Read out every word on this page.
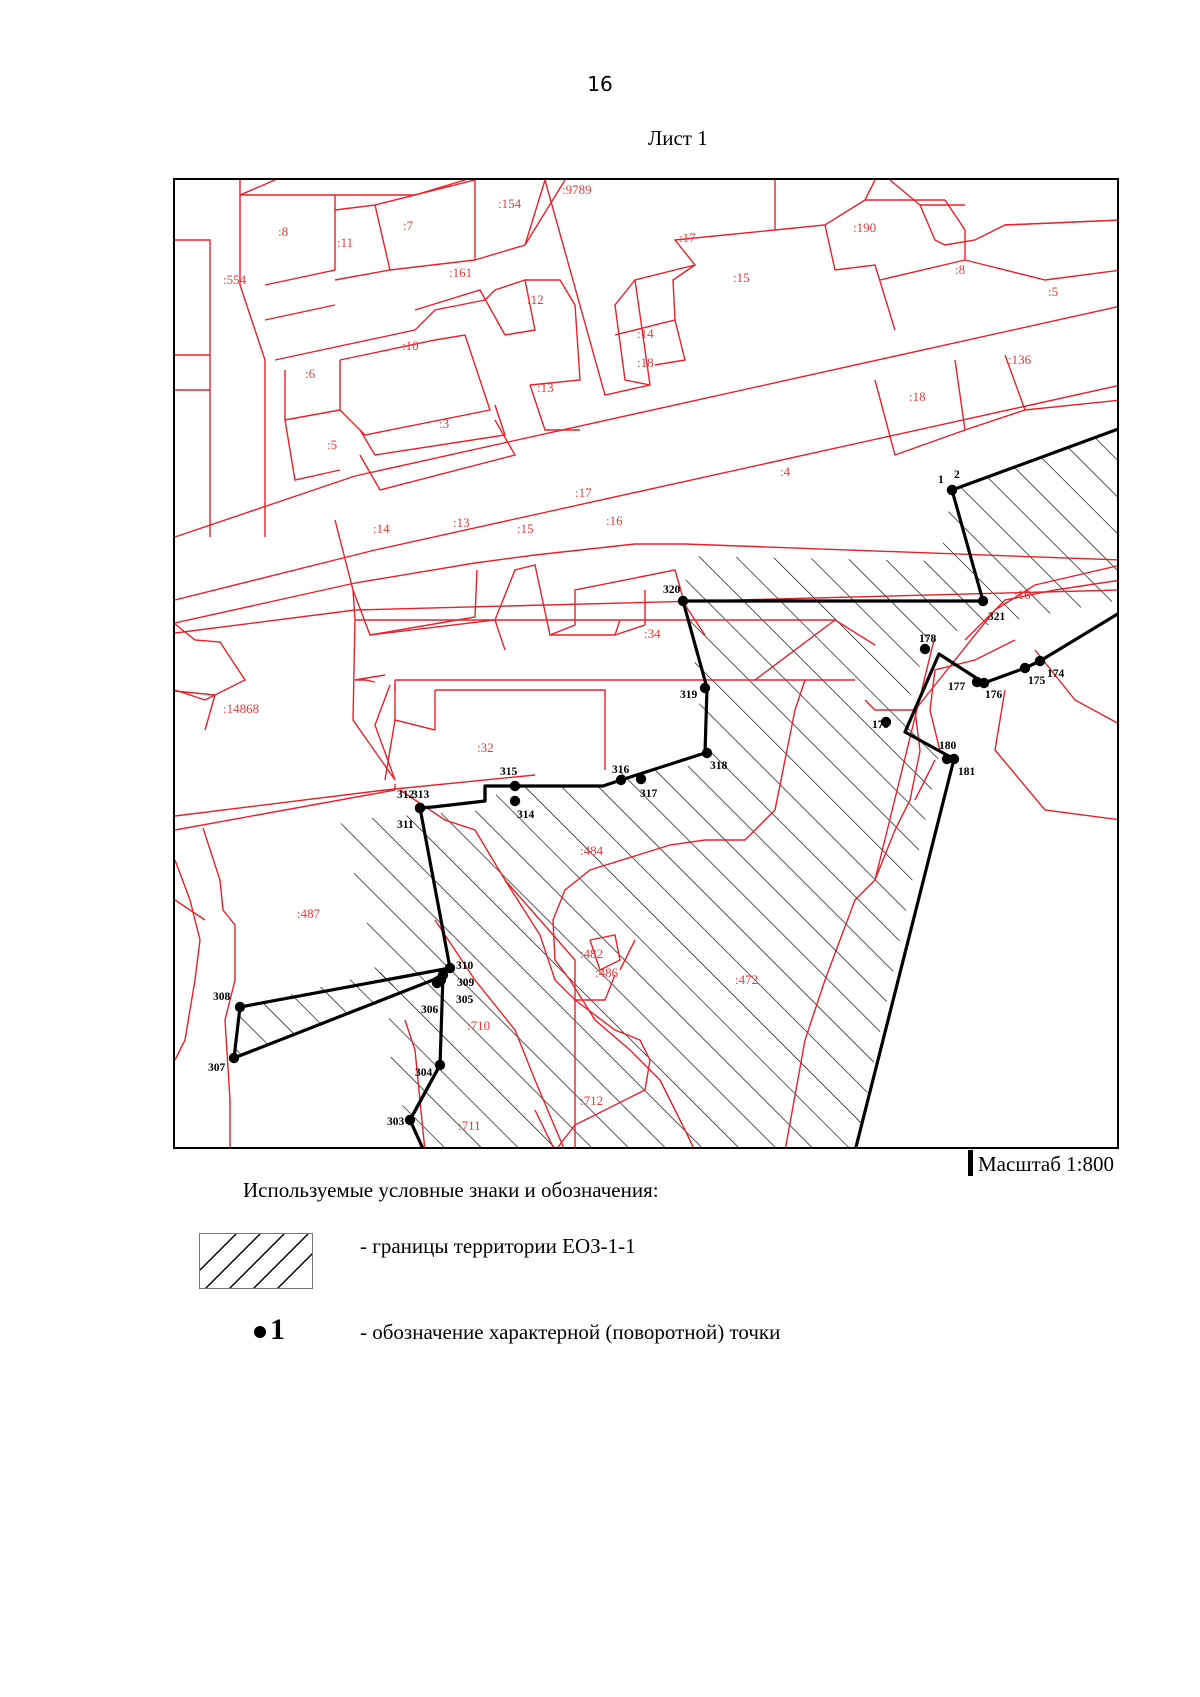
16
Лист 1
:9789
:154
:7
:8
:11
:554	:161
:12
:17
:15
:190
:8
:5
:14
:18
:10
:6
:13
:136
:18
:3
:5
:4
:17
:13	:15
:16
:14
:16
:14868
:32
:34
:484
:487
:482
:486	:472
:710
:712
:711
1 2
320
321
319
318
317
316
315
314
313
312
311
310
309
305
306
308
307	304
303
178
177
176
175
174
179
180
181
Масштаб 1:800
Используемые условные знаки и обозначения:
- границы территории ЕОЗ-1-1
1	- обозначение характерной (поворотной) точки
